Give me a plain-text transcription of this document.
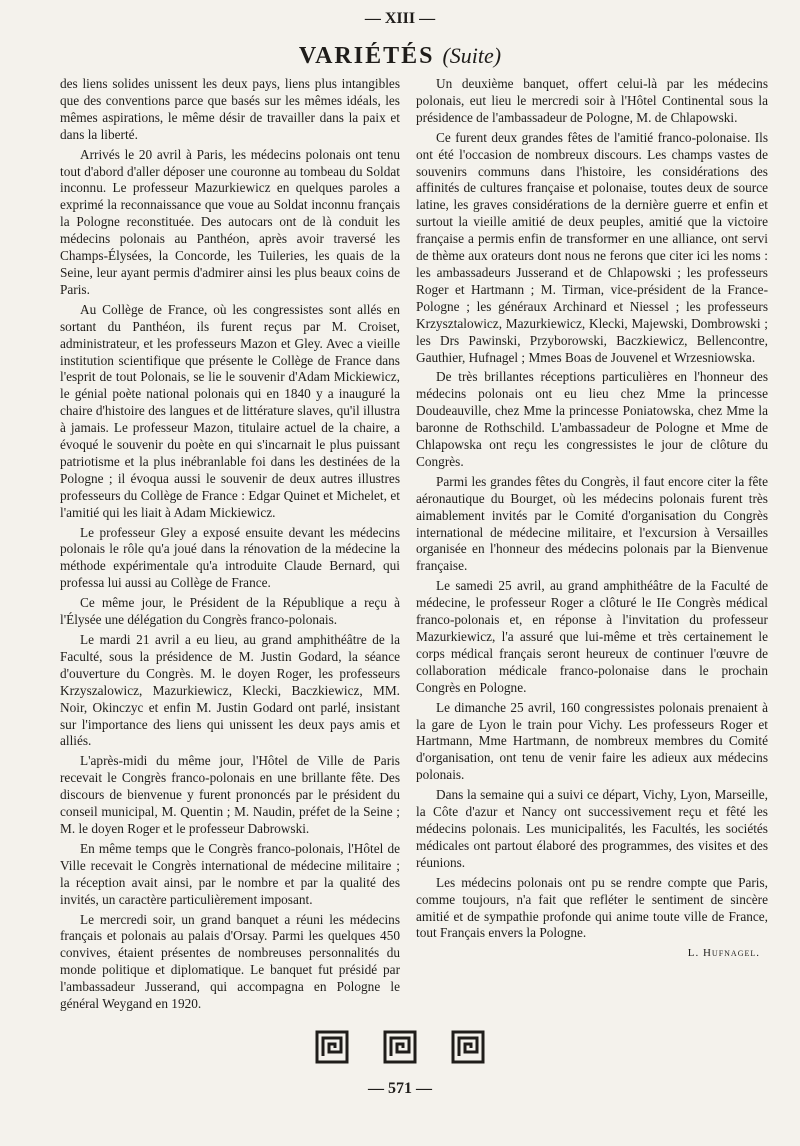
— XIII —
VARIÉTÉS (Suite)

des liens solides unissent les deux pays, liens plus intangibles que des conventions parce que basés sur les mêmes idéals, les mêmes aspirations, le même désir de travailler dans la paix et dans la liberté.

Arrivés le 20 avril à Paris, les médecins polonais ont tenu tout d'abord d'aller déposer une couronne au tombeau du Soldat inconnu. Le professeur Mazurkiewicz en quelques paroles a exprimé la reconnaissance que voue au Soldat inconnu français la Pologne reconstituée. Des autocars ont de là conduit les médecins polonais au Panthéon, après avoir traversé les Champs-Élysées, la Concorde, les Tuileries, les quais de la Seine, leur ayant permis d'admirer ainsi les plus beaux coins de Paris.

Au Collège de France, où les congressistes sont allés en sortant du Panthéon, ils furent reçus par M. Croiset, administrateur, et les professeurs Mazon et Gley. Avec a vieille institution scientifique que présente le Collège de France dans l'esprit de tout Polonais, se lie le souvenir d'Adam Mickiewicz, le génial poète national polonais qui en 1840 y a inauguré la chaire d'histoire des langues et de littérature slaves, qu'il illustra à jamais. Le professeur Mazon, titulaire actuel de la chaire, a évoqué le souvenir du poète en qui s'incarnait le plus puissant patriotisme et la plus inébranlable foi dans les destinées de la Pologne ; il évoqua aussi le souvenir de deux autres illustres professeurs du Collège de France : Edgar Quinet et Michelet, et l'amitié qui les liait à Adam Mickiewicz.

Le professeur Gley a exposé ensuite devant les médecins polonais le rôle qu'a joué dans la rénovation de la médecine la méthode expérimentale qu'a introduite Claude Bernard, qui professa lui aussi au Collège de France.

Ce même jour, le Président de la République a reçu à l'Élysée une délégation du Congrès franco-polonais.

Le mardi 21 avril a eu lieu, au grand amphithéâtre de la Faculté, sous la présidence de M. Justin Godard, la séance d'ouverture du Congrès. M. le doyen Roger, les professeurs Krzyszalowicz, Mazurkiewicz, Klecki, Baczkiewicz, MM. Noir, Okinczyc et enfin M. Justin Godard ont parlé, insistant sur l'importance des liens qui unissent les deux pays amis et alliés.

L'après-midi du même jour, l'Hôtel de Ville de Paris recevait le Congrès franco-polonais en une brillante fête. Des discours de bienvenue y furent prononcés par le président du conseil municipal, M. Quentin ; M. Naudin, préfet de la Seine ; M. le doyen Roger et le professeur Dabrowski.

En même temps que le Congrès franco-polonais, l'Hôtel de Ville recevait le Congrès international de médecine militaire ; la réception avait ainsi, par le nombre et par la qualité des invités, un caractère particulièrement imposant.

Le mercredi soir, un grand banquet a réuni les médecins français et polonais au palais d'Orsay. Parmi les quelques 450 convives, étaient présentes de nombreuses personnalités du monde politique et diplomatique. Le banquet fut présidé par l'ambassadeur Jusserand, qui accompagna en Pologne le général Weygand en 1920.

Un deuxième banquet, offert celui-là par les médecins polonais, eut lieu le mercredi soir à l'Hôtel Continental sous la présidence de l'ambassadeur de Pologne, M. de Chlapowski.

Ce furent deux grandes fêtes de l'amitié franco-polonaise. Ils ont été l'occasion de nombreux discours. Les champs vastes de souvenirs communs dans l'histoire, les considérations des affinités de cultures française et polonaise, toutes deux de source latine, les graves considérations de la dernière guerre et enfin et surtout la vieille amitié de deux peuples, amitié que la victoire française a permis enfin de transformer en une alliance, ont servi de thème aux orateurs dont nous ne ferons que citer ici les noms : les ambassadeurs Jusserand et de Chlapowski ; les professeurs Roger et Hartmann ; M. Tirman, vice-président de la France-Pologne ; les généraux Archinard et Niessel ; les professeurs Krzysztalowicz, Mazurkiewicz, Klecki, Majewski, Dombrowski ; les Drs Pawinski, Przyborowski, Baczkiewicz, Bellencontre, Gauthier, Hufnagel ; Mmes Boas de Jouvenel et Wrzesniowska.

De très brillantes réceptions particulières en l'honneur des médecins polonais ont eu lieu chez Mme la princesse Doudeauville, chez Mme la princesse Poniatowska, chez Mme la baronne de Rothschild. L'ambassadeur de Pologne et Mme de Chlapowska ont reçu les congressistes le jour de clôture du Congrès.

Parmi les grandes fêtes du Congrès, il faut encore citer la fête aéronautique du Bourget, où les médecins polonais furent très aimablement invités par le Comité d'organisation du Congrès international de médecine militaire, et l'excursion à Versailles organisée en l'honneur des médecins polonais par la Bienvenue française.

Le samedi 25 avril, au grand amphithéâtre de la Faculté de médecine, le professeur Roger a clôturé le IIe Congrès médical franco-polonais et, en réponse à l'invitation du professeur Mazurkiewicz, l'a assuré que lui-même et très certainement le corps médical français seront heureux de continuer l'œuvre de collaboration médicale franco-polonaise dans le prochain Congrès en Pologne.

Le dimanche 25 avril, 160 congressistes polonais prenaient à la gare de Lyon le train pour Vichy. Les professeurs Roger et Hartmann, Mme Hartmann, de nombreux membres du Comité d'organisation, ont tenu de venir faire les adieux aux médecins polonais.

Dans la semaine qui a suivi ce départ, Vichy, Lyon, Marseille, la Côte d'azur et Nancy ont successivement reçu et fêté les médecins polonais. Les municipalités, les Facultés, les sociétés médicales ont partout élaboré des programmes, des visites et des réunions.

Les médecins polonais ont pu se rendre compte que Paris, comme toujours, n'a fait que refléter le sentiment de sincère amitié et de sympathie profonde qui anime toute ville de France, tout Français envers la Pologne.

L. Hufnagel.

— 571 —
